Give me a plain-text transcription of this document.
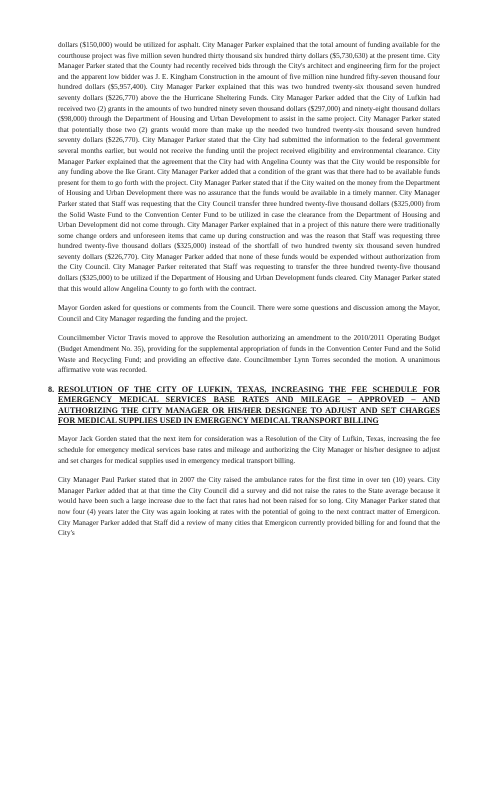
dollars ($150,000) would be utilized for asphalt. City Manager Parker explained that the total amount of funding available for the courthouse project was five million seven hundred thirty thousand six hundred thirty dollars ($5,730,630) at the present time. City Manager Parker stated that the County had recently received bids through the City's architect and engineering firm for the project and the apparent low bidder was J. E. Kingham Construction in the amount of five million nine hundred fifty-seven thousand four hundred dollars ($5,957,400). City Manager Parker explained that this was two hundred twenty-six thousand seven hundred seventy dollars ($226,770) above the the Hurricane Sheltering Funds. City Manager Parker added that the City of Lufkin had received two (2) grants in the amounts of two hundred ninety seven thousand dollars ($297,000) and ninety-eight thousand dollars ($98,000) through the Department of Housing and Urban Development to assist in the same project. City Manager Parker stated that potentially those two (2) grants would more than make up the needed two hundred twenty-six thousand seven hundred seventy dollars ($226,770). City Manager Parker stated that the City had submitted the information to the federal government several months earlier, but would not receive the funding until the project received eligibility and environmental clearance. City Manager Parker explained that the agreement that the City had with Angelina County was that the City would be responsible for any funding above the Ike Grant. City Manager Parker added that a condition of the grant was that there had to be available funds present for them to go forth with the project. City Manager Parker stated that if the City waited on the money from the Department of Housing and Urban Development there was no assurance that the funds would be available in a timely manner. City Manager Parker stated that Staff was requesting that the City Council transfer three hundred twenty-five thousand dollars ($325,000) from the Solid Waste Fund to the Convention Center Fund to be utilized in case the clearance from the Department of Housing and Urban Development did not come through. City Manager Parker explained that in a project of this nature there were traditionally some change orders and unforeseen items that came up during construction and was the reason that Staff was requesting three hundred twenty-five thousand dollars ($325,000) instead of the shortfall of two hundred twenty six thousand seven hundred seventy dollars ($226,770). City Manager Parker added that none of these funds would be expended without authorization from the City Council. City Manager Parker reiterated that Staff was requesting to transfer the three hundred twenty-five thousand dollars ($325,000) to be utilized if the Department of Housing and Urban Development funds cleared. City Manager Parker stated that this would allow Angelina County to go forth with the contract.

Mayor Gorden asked for questions or comments from the Council. There were some questions and discussion among the Mayor, Council and City Manager regarding the funding and the project.

Councilmember Victor Travis moved to approve the Resolution authorizing an amendment to the 2010/2011 Operating Budget (Budget Amendment No. 35), providing for the supplemental appropriation of funds in the Convention Center Fund and the Solid Waste and Recycling Fund; and providing an effective date. Councilmember Lynn Torres seconded the motion. A unanimous affirmative vote was recorded.

8. RESOLUTION OF THE CITY OF LUFKIN, TEXAS, INCREASING THE FEE SCHEDULE FOR EMERGENCY MEDICAL SERVICES BASE RATES AND MILEAGE – APPROVED – AND AUTHORIZING THE CITY MANAGER OR HIS/HER DESIGNEE TO ADJUST AND SET CHARGES FOR MEDICAL SUPPLIES USED IN EMERGENCY MEDICAL TRANSPORT BILLING

Mayor Jack Gorden stated that the next item for consideration was a Resolution of the City of Lufkin, Texas, increasing the fee schedule for emergency medical services base rates and mileage and authorizing the City Manager or his/her designee to adjust and set charges for medical supplies used in emergency medical transport billing.

City Manager Paul Parker stated that in 2007 the City raised the ambulance rates for the first time in over ten (10) years. City Manager Parker added that at that time the City Council did a survey and did not raise the rates to the State average because it would have been such a large increase due to the fact that rates had not been raised for so long. City Manager Parker stated that now four (4) years later the City was again looking at rates with the potential of going to the next contract matter of Emergicon. City Manager Parker added that Staff did a review of many cities that Emergicon currently provided billing for and found that the City's
